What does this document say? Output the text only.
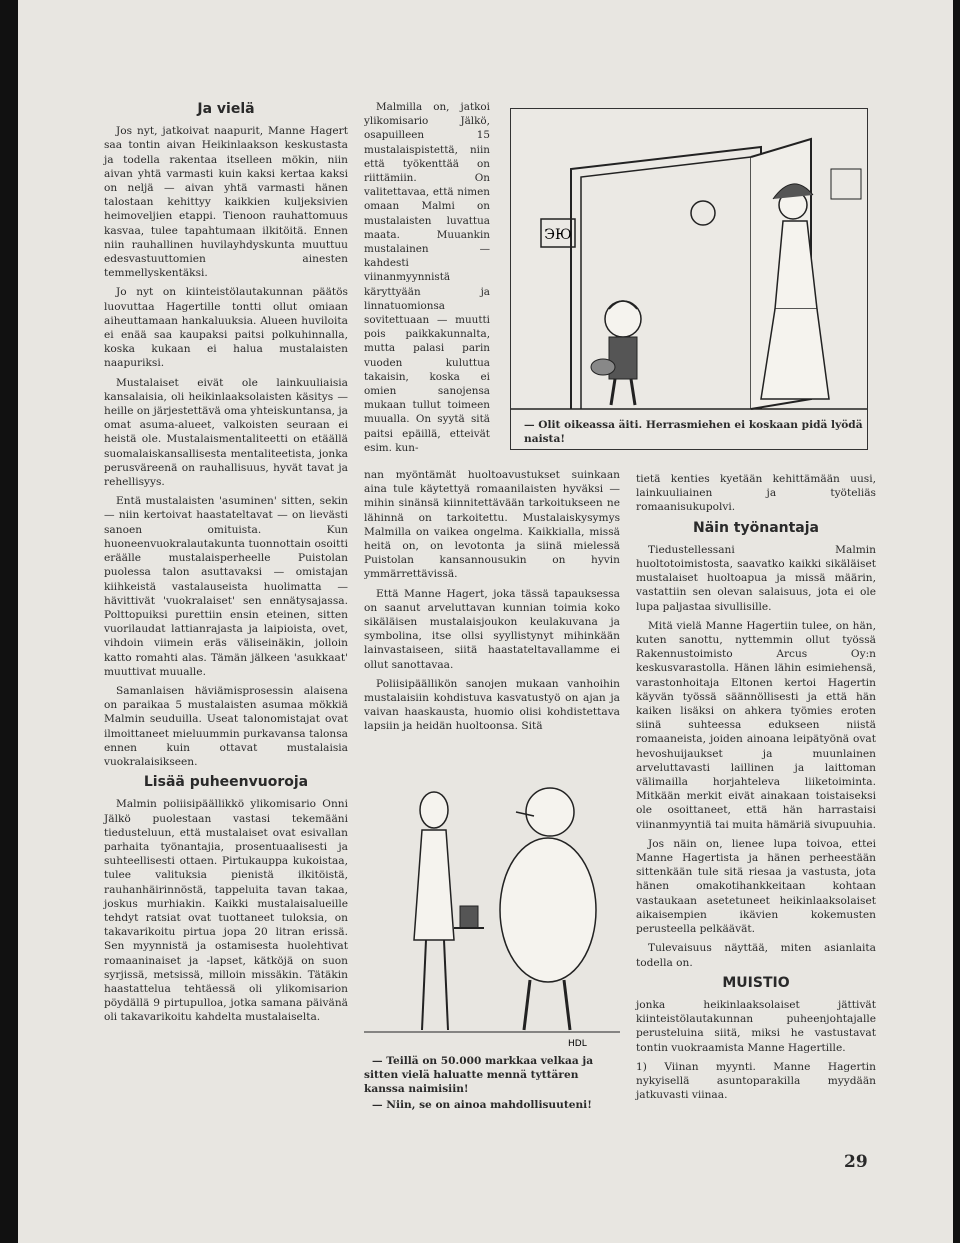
Ja vielä

Jos nyt, jatkoivat naapurit, Manne Hagert saa tontin aivan Heikinlaakson keskustasta ja todella rakentaa itselleen mökin, niin aivan yhtä varmasti kuin kaksi kertaa kaksi on neljä — aivan yhtä varmasti hänen talostaan kehittyy kaikkien kuljeksivien heimoveljien etappi. Tienoon rauhattomuus kasvaa, tulee tapahtumaan ilkitöitä. Ennen niin rauhallinen huvilayhdyskunta muuttuu edesvastuuttomien ainesten temmellyskentäksi.

Jo nyt on kiinteistölautakunnan päätös luovuttaa Hagertille tontti ollut omiaan aiheuttamaan hankaluuksia. Alueen huviloita ei enää saa kaupaksi paitsi polkuhinnalla, koska kukaan ei halua mustalaisten naapuriksi.

Mustalaiset eivät ole lainkuuliaisia kansalaisia, oli heikinlaaksolaisten käsitys — heille on järjestettävä oma yhteiskuntansa, ja omat asuma-alueet, valkoisten seuraan ei heistä ole. Mustalaismentaliteetti on etäällä suomalaiskansallisesta mentaliteetista, jonka perusväreenä on rauhallisuus, hyvät tavat ja rehellisyys.

Entä mustalaisten 'asuminen' sitten, sekin — niin kertoivat haastateltavat — on lievästi sanoen omituista. Kun huoneenvuokralautakunta tuonnottain osoitti eräälle mustalaisperheelle Puistolan puolessa talon asuttavaksi — omistajan kiihkeistä vastalauseista huolimatta — hävittivät 'vuokralaiset' sen ennätysajassa. Polttopuiksi purettiin ensin eteinen, sitten vuorilaudat lattianrajasta ja laipioista, ovet, vihdoin viimein eräs väliseinäkin, jolloin katto romahti alas. Tämän jälkeen 'asukkaat' muuttivat muualle.

Samanlaisen häviämisprosessin alaisena on paraikaa 5 mustalaisten asumaa mökkiä Malmin seuduilla. Useat talonomistajat ovat ilmoittaneet mieluummin purkavansa talonsa ennen kuin ottavat mustalaisia vuokralaisikseen.

Lisää puheenvuoroja

Malmin poliisipäällikkö ylikomisario Onni Jälkö puolestaan vastasi tekemääni tiedusteluun, että mustalaiset ovat esivallan parhaita työnantajia, prosentuaalisesti ja suhteellisesti ottaen. Pirtukauppa kukoistaa, tulee valituksia pienistä ilkitöistä, rauhanhäirinnöstä, tappeluita tavan takaa, joskus murhiakin. Kaikki mustalaisalueille tehdyt ratsiat ovat tuottaneet tuloksia, on takavarikoitu pirtua jopa 20 litran erissä. Sen myynnistä ja ostamisesta huolehtivat romaaninaiset ja -lapset, kätköjä on suon syrjissä, metsissä, milloin missäkin. Tätäkin haastattelua tehtäessä oli ylikomisarion pöydällä 9 pirtupulloa, jotka samana päivänä oli takavarikoitu kahdelta mustalaiselta.

Malmilla on, jatkoi ylikomisario Jälkö, osapuilleen 15 mustalaispistettä, niin että työkenttää on riittämiin. On valitettavaa, että nimen omaan Malmi on mustalaisten luvattua maata. Muuankin mustalainen — kahdesti viinanmyynnistä käryttyään ja linnatuomionsa sovitettuaan — muutti pois paikkakunnalta, mutta palasi parin vuoden kuluttua takaisin, koska ei omien sanojensa mukaan tullut toimeen muualla. On syytä sitä paitsi epäillä, etteivät esim. kun-

ЭЮ
— Olit oikeassa äiti. Herrasmiehen ei koskaan pidä lyödä naista!

nan myöntämät huoltoavustukset suinkaan aina tule käytettyä romaanilaisten hyväksi — mihin sinänsä kiinnitettävään tarkoitukseen ne lähinnä on tarkoitettu. Mustalaiskysymys Malmilla on vaikea ongelma. Kaikkialla, missä heitä on, on levotonta ja siinä mielessä Puistolan kansannousukin on hyvin ymmärrettävissä.

Että Manne Hagert, joka tässä tapauksessa on saanut arveluttavan kunnian toimia koko sikäläisen mustalaisjoukon keulakuvana ja symbolina, itse ollsi syyllistynyt mihinkään lainvastaiseen, siitä haastateltavallamme ei ollut sanottavaa.

Poliisipäällikön sanojen mukaan vanhoihin mustalaisiin kohdistuva kasvatustyö on ajan ja vaivan haaskausta, huomio olisi kohdistettava lapsiin ja heidän huoltoonsa. Sitä

HDL

— Teillä on 50.000 markkaa velkaa ja sitten vielä haluatte mennä tyttären kanssa naimisiin!

— Niin, se on ainoa mahdollisuuteni!

tietä kenties kyetään kehittämään uusi, lainkuuliainen ja työteliäs romaanisukupolvi.

Näin työnantaja

Tiedustellessani Malmin huoltotoimistosta, saavatko kaikki sikäläiset mustalaiset huoltoapua ja missä määrin, vastattiin sen olevan salaisuus, jota ei ole lupa paljastaa sivullisille.

Mitä vielä Manne Hagertiin tulee, on hän, kuten sanottu, nyttemmin ollut työssä Rakennustoimisto Arcus Oy:n keskusvarastolla. Hänen lähin esimiehensä, varastonhoitaja Eltonen kertoi Hagertin käyvän työssä säännöllisesti ja että hän kaiken lisäksi on ahkera työmies eroten siinä suhteessa edukseen niistä romaaneista, joiden ainoana leipätyönä ovat hevoshuijaukset ja muunlainen arveluttavasti laillinen ja laittoman välimailla horjahteleva liiketoiminta. Mitkään merkit eivät ainakaan toistaiseksi ole osoittaneet, että hän harrastaisi viinanmyyntiä tai muita hämäriä sivupuuhia.

Jos näin on, lienee lupa toivoa, ettei Manne Hagertista ja hänen perheestään sittenkään tule sitä riesaa ja vastusta, jota hänen omakotihankkeitaan kohtaan vastaukaan asetetuneet heikinlaaksolaiset aikaisempien ikävien kokemusten perusteella pelkäävät.

Tulevaisuus näyttää, miten asianlaita todella on.

MUISTIO

jonka heikinlaaksolaiset jättivät kiinteistölautakunnan puheenjohtajalle perusteluina siitä, miksi he vastustavat tontin vuokraamista Manne Hagertille.

1) Viinan myynti. Manne Hagertin nykyisellä asuntoparakilla myydään jatkuvasti viinaa.

29
